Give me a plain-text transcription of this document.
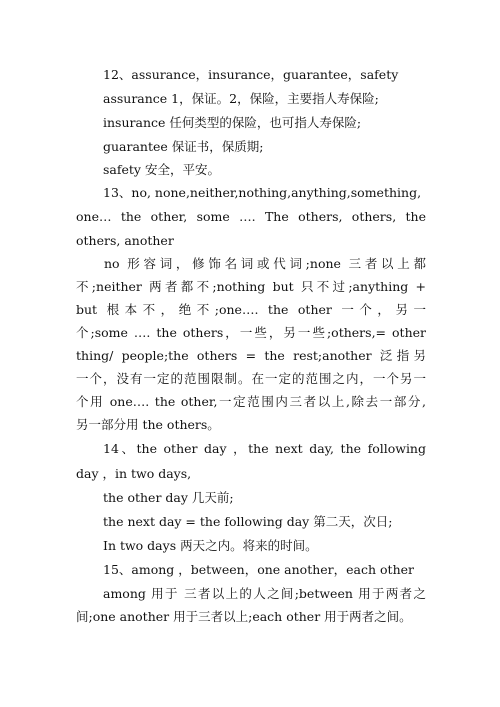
12、assurance，insurance，guarantee，safety
assurance 1，保证。2，保险，主要指人寿保险;
insurance 任何类型的保险，也可指人寿保险;
guarantee 保证书，保质期;
safety 安全，平安。
13、no, none,neither,nothing,anything,something,
one… the other, some …. The others, others, the
others, another
no 形容词，修饰名词或代词;none 三者以上都
不;neither 两者都不;nothing but 只不过;anything +
but 根本不，绝不;one…. the other 一个，另一
个;some …. the others，一些，另一些;others,= other
thing/ people;the others = the rest;another 泛指另
一个，没有一定的范围限制。在一定的范围之内，一个另一
个用 one…. the other,一定范围内三者以上,除去一部分,
另一部分用 the others。
14、the other day ，the next day, the following
day ，in two days,
the other day 几天前;
the next day = the following day 第二天，次日;
In two days 两天之内。将来的时间。
15、among ，between，one another，each other
among 用于 三者以上的人之间;between 用于两者之
间;one another 用于三者以上;each other 用于两者之间。
